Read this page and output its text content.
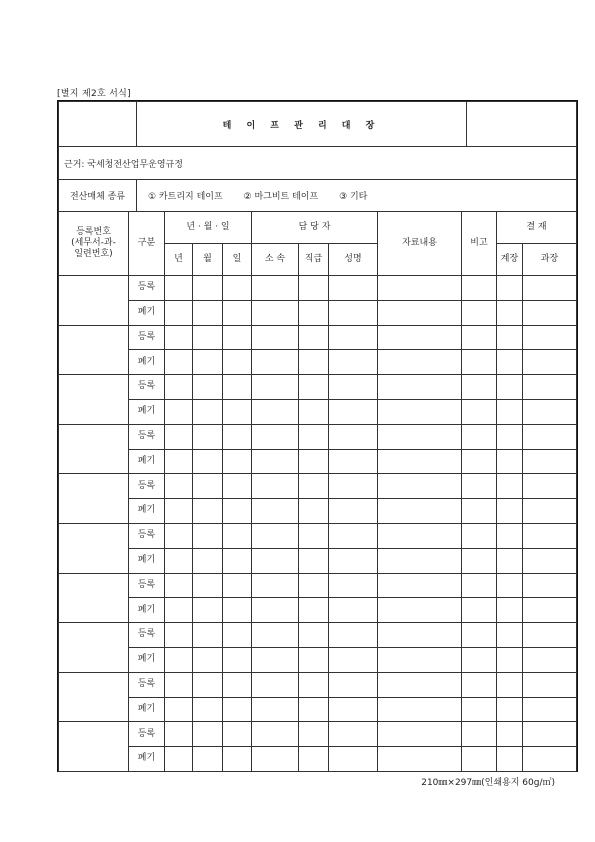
[별지 제2호 서식]
	테 이 프 관 리 대 장	
근거: 국세청전산업무운영규정		
전산매체 종류	① 카트리지 테이프 ② 마그비트 테이프 ③ 기타	
등록번호
(세무서-과-
일련번호)	구분	년 · 월 · 일			담 당 자			자료내용	비고	결 재	
		년	월	일	소 속	직급	성명			계장	과장
	등록										
	폐기										
	등록										
	폐기										
	등록										
	폐기										
	등록										
	폐기										
	등록										
	폐기										
	등록										
	폐기										
	등록										
	폐기										
	등록										
	폐기										
	등록										
	폐기										
	등록										
	폐기										
210㎜×297㎜(인쇄용지 60g/㎡)
